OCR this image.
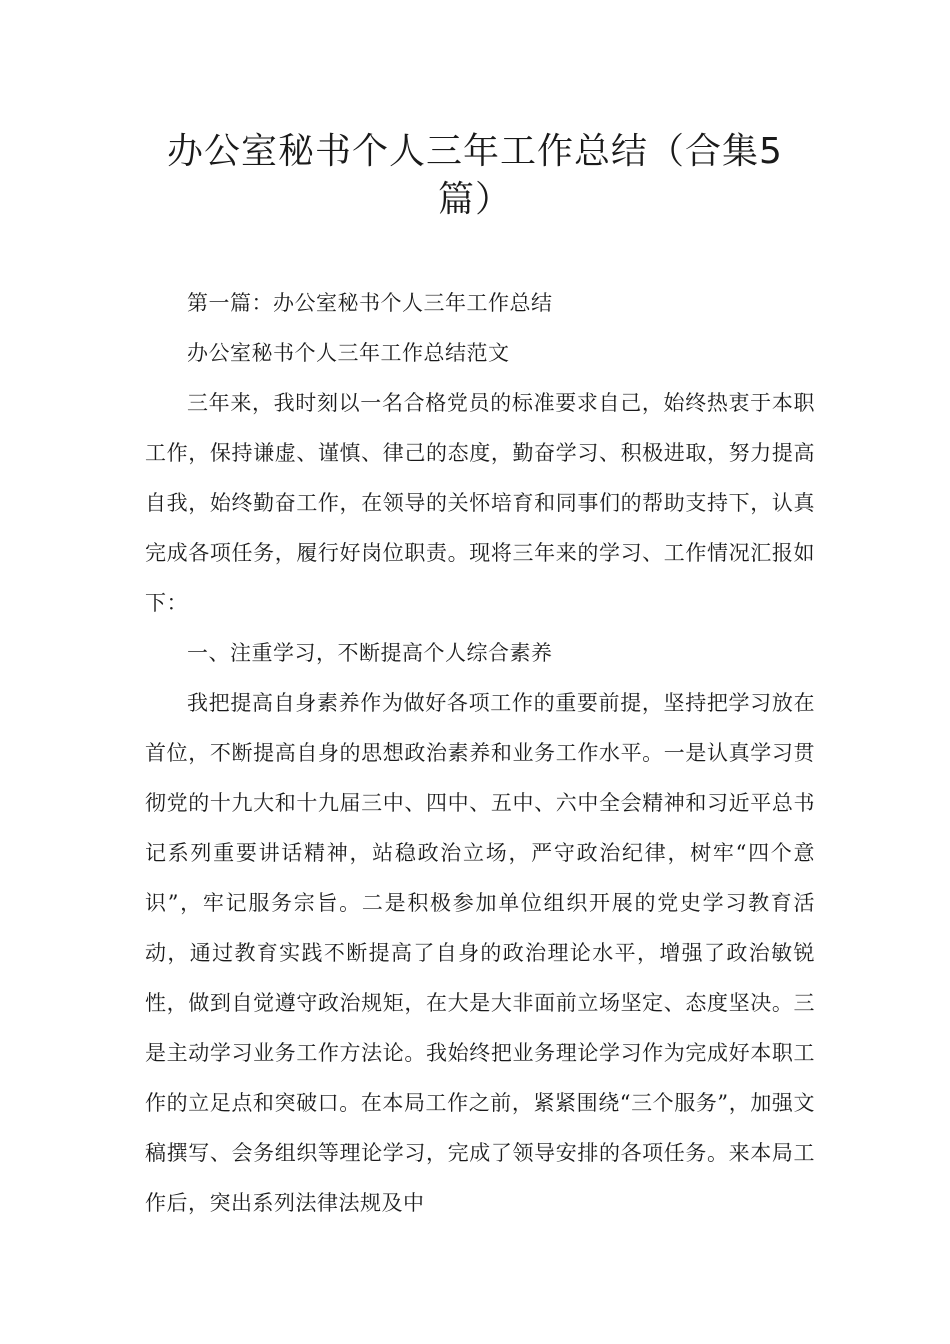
办公室秘书个人三年工作总结（合集5篇）

第一篇：办公室秘书个人三年工作总结

办公室秘书个人三年工作总结范文

三年来，我时刻以一名合格党员的标准要求自己，始终热衷于本职工作，保持谦虚、谨慎、律己的态度，勤奋学习、积极进取，努力提高自我，始终勤奋工作，在领导的关怀培育和同事们的帮助支持下，认真完成各项任务，履行好岗位职责。现将三年来的学习、工作情况汇报如下：

一、注重学习，不断提高个人综合素养

我把提高自身素养作为做好各项工作的重要前提，坚持把学习放在首位，不断提高自身的思想政治素养和业务工作水平。一是认真学习贯彻党的十九大和十九届三中、四中、五中、六中全会精神和习近平总书记系列重要讲话精神，站稳政治立场，严守政治纪律，树牢“四个意识”，牢记服务宗旨。二是积极参加单位组织开展的党史学习教育活动，通过教育实践不断提高了自身的政治理论水平，增强了政治敏锐性，做到自觉遵守政治规矩，在大是大非面前立场坚定、态度坚决。三是主动学习业务工作方法论。我始终把业务理论学习作为完成好本职工作的立足点和突破口。在本局工作之前，紧紧围绕“三个服务”，加强文稿撰写、会务组织等理论学习，完成了领导安排的各项任务。来本局工作后，突出系列法律法规及中
